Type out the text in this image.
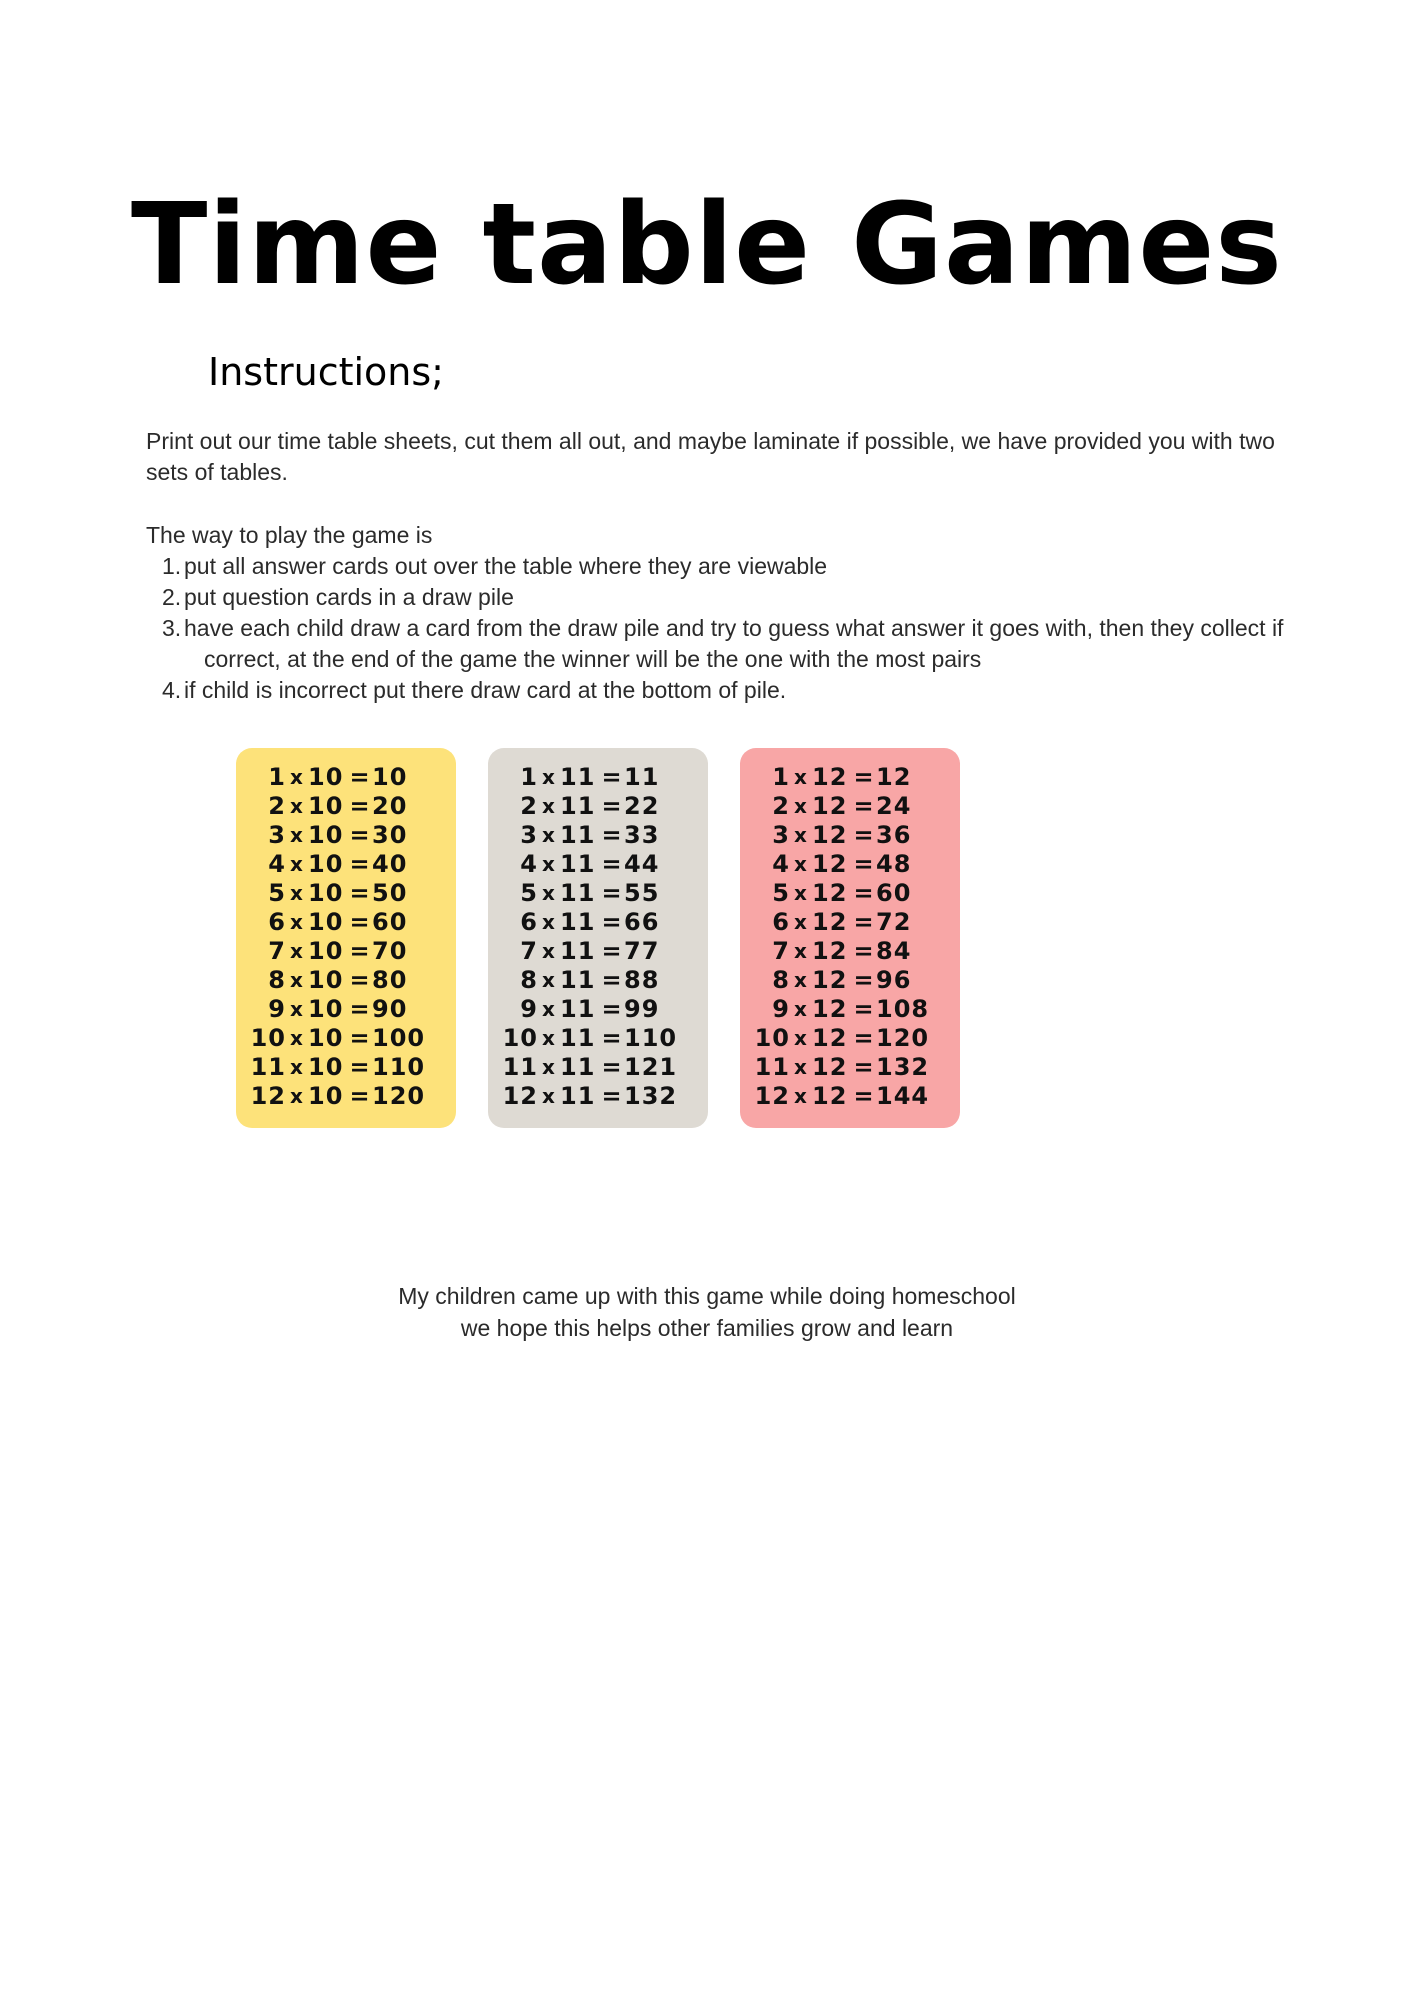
Time table Games
Instructions;

Print out our time table sheets, cut them all out, and maybe laminate if possible, we have provided you with two sets of tables.

The way to play the game is

1. put all answer cards out over the table where they are viewable
2. put question cards in a draw pile
3. have each child draw a card from the draw pile and try to guess what answer it goes with, then they collect if correct, at the end of the game the winner will be the one with the most pairs
4. if child is incorrect put there draw card at the bottom of pile.
1 x 10 = 10
2 x 10 = 20
3 x 10 = 30
4 x 10 = 40
5 x 10 = 50
6 x 10 = 60
7 x 10 = 70
8 x 10 = 80
9 x 10 = 90
10 x 10 = 100
11 x 10 = 110
12 x 10 = 120
1 x 11 = 11
2 x 11 = 22
3 x 11 = 33
4 x 11 = 44
5 x 11 = 55
6 x 11 = 66
7 x 11 = 77
8 x 11 = 88
9 x 11 = 99
10 x 11 = 110
11 x 11 = 121
12 x 11 = 132
1 x 12 = 12
2 x 12 = 24
3 x 12 = 36
4 x 12 = 48
5 x 12 = 60
6 x 12 = 72
7 x 12 = 84
8 x 12 = 96
9 x 12 = 108
10 x 12 = 120
11 x 12 = 132
12 x 12 = 144

My children came up with this game while doing homeschool
we hope this helps other families grow and learn
